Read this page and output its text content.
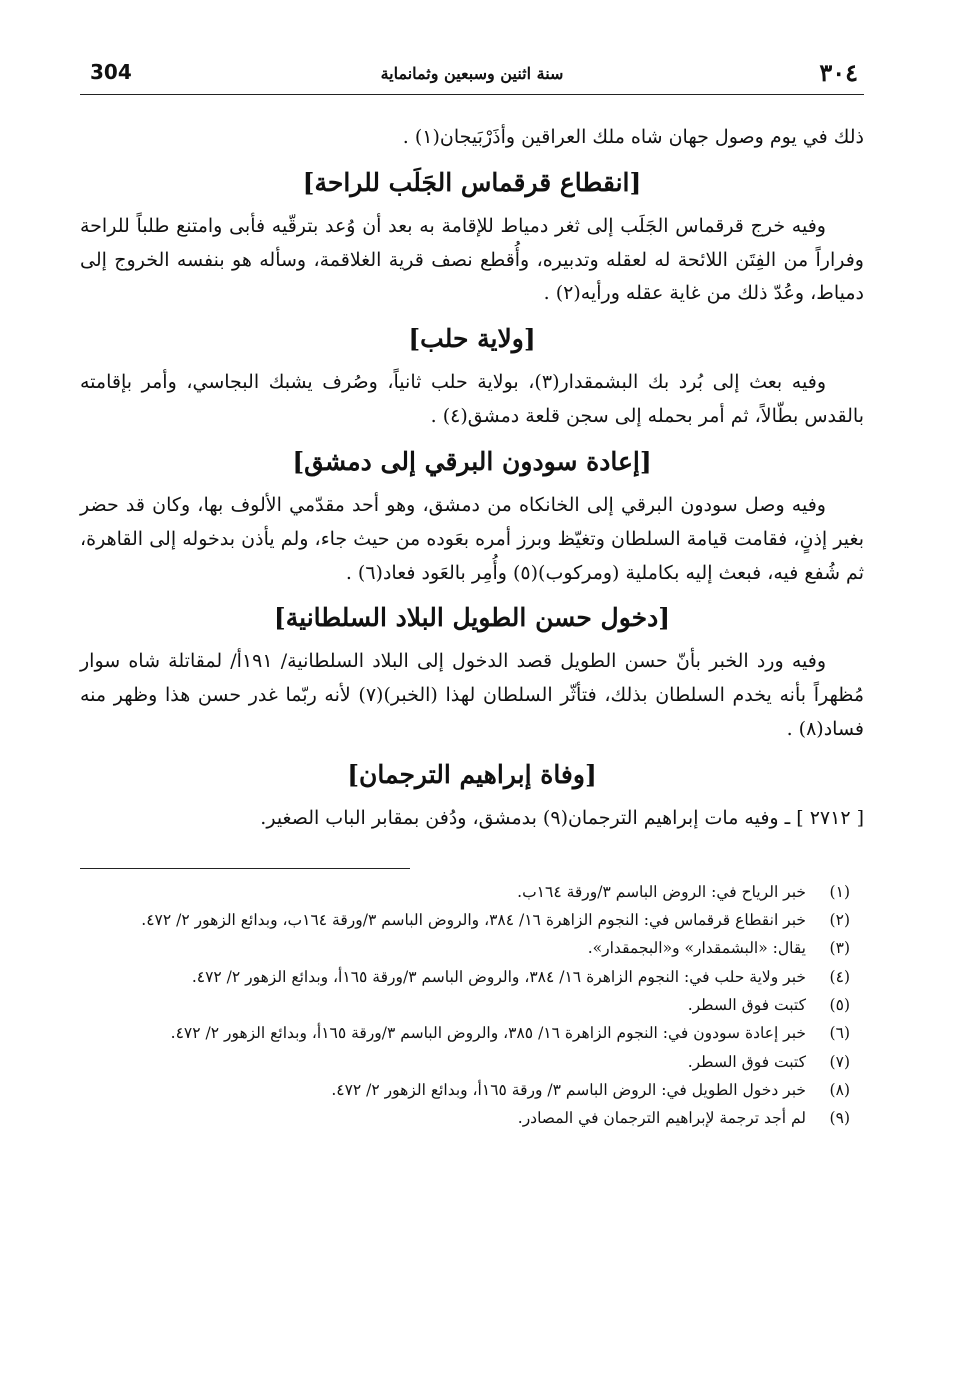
304	سنة اثنين وسبعين وثمانماية	٣٠٤

ذلك في يوم وصول جهان شاه ملك العراقين وأذَرْبَيجان(١) .

[انقطاع قرقماس الجَلَب للراحة]

وفيه خرج قرقماس الجَلَب إلى ثغر دمياط للإقامة به بعد أن وُعد بترقّيه فأبى وامتنع طلباً للراحة وفراراً من الفِتَن اللائحة له لعقله وتدبيره، وأُقطع نصف قرية الغلاقمة، وسأله هو بنفسه الخروج إلى دمياط، وعُدّ ذلك من غاية عقله ورأيه(٢) .

[ولاية حلب]

وفيه بعث إلى بُرد بك البشمقدار(٣)، بولاية حلب ثانياً، وصُرف يشبك البجاسي، وأمر بإقامته بالقدس بطّالاً، ثم أمر بحمله إلى سجن قلعة دمشق(٤) .

[إعادة سودون البرقي إلى دمشق]

وفيه وصل سودون البرقي إلى الخانكاه من دمشق، وهو أحد مقدّمي الألوف بها، وكان قد حضر بغير إذنٍ، فقامت قيامة السلطان وتغيّظ وبرز أمره بعَوده من حيث جاء، ولم يأذن بدخوله إلى القاهرة، ثم شُفع فيه، فبعث إليه بكاملية (ومركوب)(٥) وأُمِر بالعَود فعاد(٦) .

[دخول حسن الطويل البلاد السلطانية]

وفيه ورد الخبر بأنّ حسن الطويل قصد الدخول إلى البلاد السلطانية/ ١٩١أ/ لمقاتلة شاه سوار مُظهراً بأنه يخدم السلطان بذلك، فتأثّر السلطان لهذا (الخبر)(٧) لأنه ربّما غدر حسن هذا وظهر منه فساد(٨) .

[وفاة إبراهيم الترجمان]

[ ٢٧١٢ ] ـ وفيه مات إبراهيم الترجمان(٩) بدمشق، ودُفن بمقابر الباب الصغير.

(١)
خبر الرياح في: الروض الباسم ٣/ورقة ١٦٤ب.
(٢)
خبر انقطاع قرقماس في: النجوم الزاهرة ١٦/ ٣٨٤، والروض الباسم ٣/ورقة ١٦٤ب، وبدائع الزهور ٢/ ٤٧٢.
(٣)
يقال: «البشمقدار» و«البجمقدار».
(٤)
خبر ولاية حلب في: النجوم الزاهرة ١٦/ ٣٨٤، والروض الباسم ٣/ورقة ١٦٥أ، وبدائع الزهور ٢/ ٤٧٢.
(٥)
كتبت فوق السطر.
(٦)
خبر إعادة سودون في: النجوم الزاهرة ١٦/ ٣٨٥، والروض الباسم ٣/ورقة ١٦٥أ، وبدائع الزهور ٢/ ٤٧٢.
(٧)
كتبت فوق السطر.
(٨)
خبر دخول الطويل في: الروض الباسم ٣/ ورقة ١٦٥أ، وبدائع الزهور ٢/ ٤٧٢.
(٩)
لم أجد ترجمة لإبراهيم الترجمان في المصادر.
